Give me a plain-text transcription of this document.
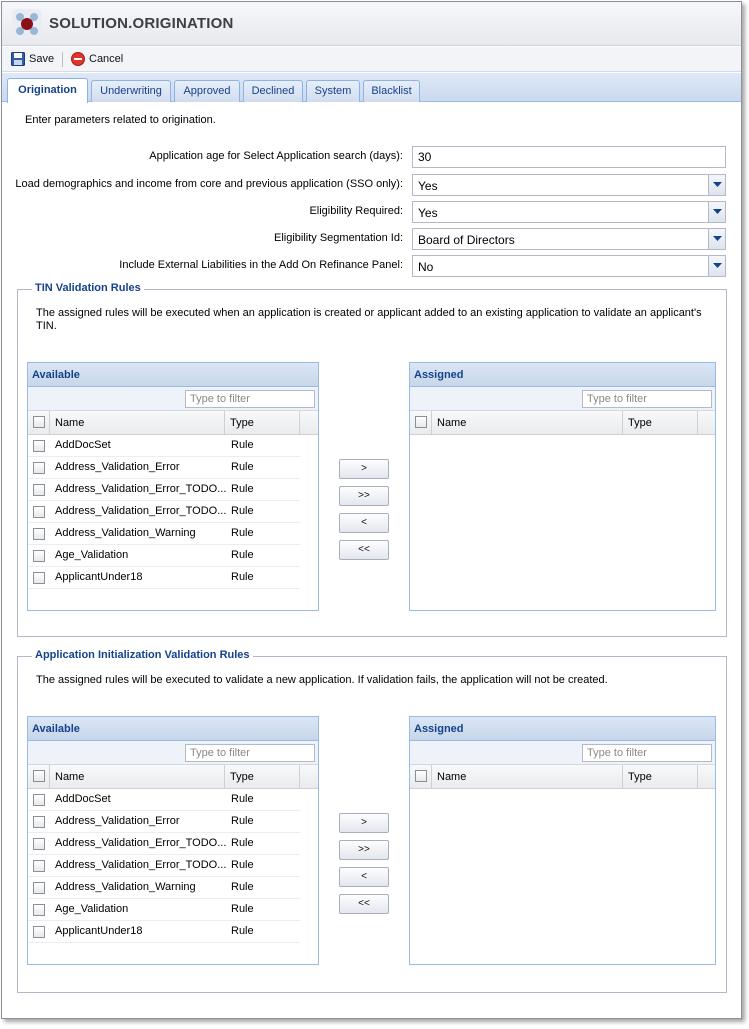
SOLUTION.ORIGINATION
Save	Cancel
Origination	Underwriting	Approved	Declined	System	Blacklist
Enter parameters related to origination.
Application age for Select Application search (days):	30
Load demographics and income from core and previous application (SSO only): Yes
Eligibility Required: Yes
Eligibility Segmentation Id: Board of Directors
Include External Liabilities in the Add On Refinance Panel: No
TIN Validation Rules
The assigned rules will be executed when an application is created or applicant added to an existing application to validate an applicant's TIN.
Available
Type to filter
Name	Type
AddDocSet	Rule
Address_Validation_Error	Rule
Address_Validation_Error_TODO... Rule
Address_Validation_Error_TODO... Rule
Address_Validation_Warning	Rule
Age_Validation	Rule
ApplicantUnder18	Rule
>
>>
<
<<
Assigned
Type to filter
Name	Type
Application Initialization Validation Rules
The assigned rules will be executed to validate a new application. If validation fails, the application will not be created.
Available
Type to filter
Name	Type
AddDocSet	Rule
Address_Validation_Error	Rule
Address_Validation_Error_TODO... Rule
Address_Validation_Error_TODO... Rule
Address_Validation_Warning	Rule
Age_Validation	Rule
ApplicantUnder18	Rule
>
>>
<
<<
Assigned
Type to filter
Name	Type
